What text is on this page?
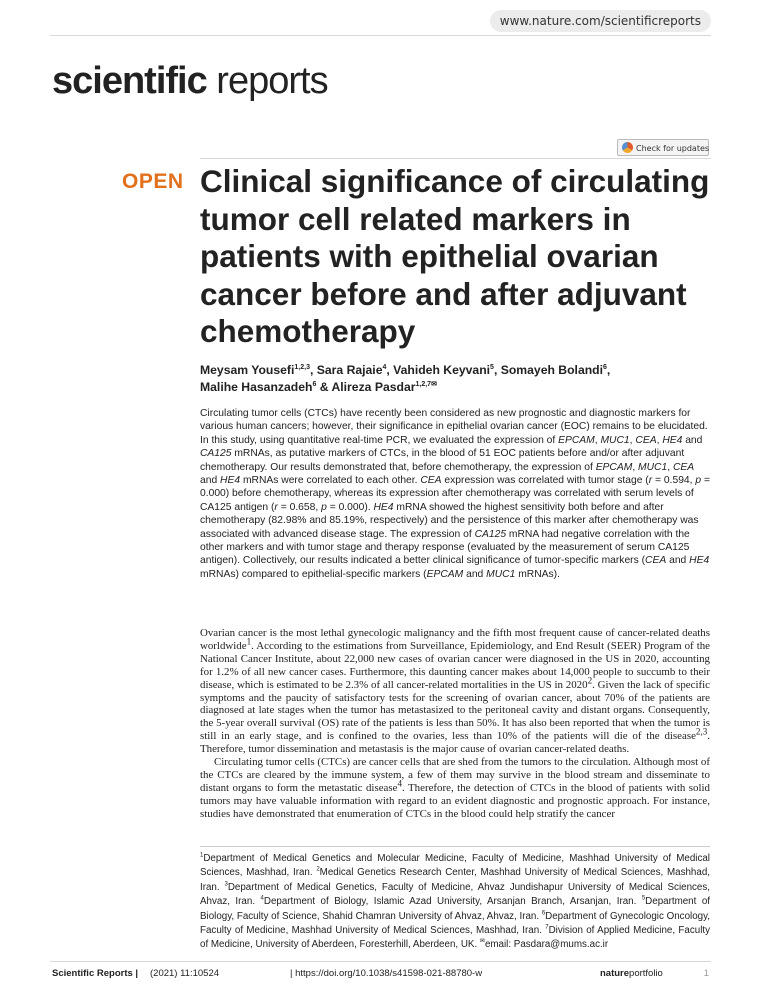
www.nature.com/scientificreports
scientific reports
Check for updates
OPEN Clinical significance of circulating tumor cell related markers in patients with epithelial ovarian cancer before and after adjuvant chemotherapy
Meysam Yousefi$^{1,2,3}$, Sara Rajaie$^4$, Vahideh Keyvani$^5$, Somayeh Bolandi$^6$,
Malihe Hasanzadeh$^6$ & Alireza Pasdar$^{1,2,7✉}$

Circulating tumor cells (CTCs) have recently been considered as new prognostic and diagnostic markers for various human cancers; however, their significance in epithelial ovarian cancer (EOC) remains to be elucidated. In this study, using quantitative real-time PCR, we evaluated the expression of EPCAM, MUC1, CEA, HE4 and CA125 mRNAs, as putative markers of CTCs, in the blood of 51 EOC patients before and/or after adjuvant chemotherapy. Our results demonstrated that, before chemotherapy, the expression of EPCAM, MUC1, CEA and HE4 mRNAs were correlated to each other. CEA expression was correlated with tumor stage (r = 0.594, p = 0.000) before chemotherapy, whereas its expression after chemotherapy was correlated with serum levels of CA125 antigen (r = 0.658, p = 0.000). HE4 mRNA showed the highest sensitivity both before and after chemotherapy (82.98% and 85.19%, respectively) and the persistence of this marker after chemotherapy was associated with advanced disease stage. The expression of CA125 mRNA had negative correlation with the other markers and with tumor stage and therapy response (evaluated by the measurement of serum CA125 antigen). Collectively, our results indicated a better clinical significance of tumor-specific markers (CEA and HE4 mRNAs) compared to epithelial-specific markers (EPCAM and MUC1 mRNAs).

Ovarian cancer is the most lethal gynecologic malignancy and the fifth most frequent cause of cancer-related deaths worldwide$^1$. According to the estimations from Surveillance, Epidemiology, and End Result (SEER) Program of the National Cancer Institute, about 22,000 new cases of ovarian cancer were diagnosed in the US in 2020, accounting for 1.2% of all new cancer cases. Furthermore, this daunting cancer makes about 14,000 people to succumb to their disease, which is estimated to be 2.3% of all cancer-related mortalities in the US in 2020$^2$. Given the lack of specific symptoms and the paucity of satisfactory tests for the screening of ovarian cancer, about 70% of the patients are diagnosed at late stages when the tumor has metastasized to the peritoneal cavity and distant organs. Consequently, the 5-year overall survival (OS) rate of the patients is less than 50%. It has also been reported that when the tumor is still in an early stage, and is confined to the ovaries, less than 10% of the patients will die of the disease$^{2,3}$. Therefore, tumor dissemination and metastasis is the major cause of ovarian cancer-related deaths.

Circulating tumor cells (CTCs) are cancer cells that are shed from the tumors to the circulation. Although most of the CTCs are cleared by the immune system, a few of them may survive in the blood stream and disseminate to distant organs to form the metastatic disease$^4$. Therefore, the detection of CTCs in the blood of patients with solid tumors may have valuable information with regard to an evident diagnostic and prognostic approach. For instance, studies have demonstrated that enumeration of CTCs in the blood could help stratify the cancer

$^1$Department of Medical Genetics and Molecular Medicine, Faculty of Medicine, Mashhad University of Medical Sciences, Mashhad, Iran. $^2$Medical Genetics Research Center, Mashhad University of Medical Sciences, Mashhad, Iran. $^3$Department of Medical Genetics, Faculty of Medicine, Ahvaz Jundishapur University of Medical Sciences, Ahvaz, Iran. $^4$Department of Biology, Islamic Azad University, Arsanjan Branch, Arsanjan, Iran. $^5$Department of Biology, Faculty of Science, Shahid Chamran University of Ahvaz, Ahvaz, Iran. $^6$Department of Gynecologic Oncology, Faculty of Medicine, Mashhad University of Medical Sciences, Mashhad, Iran. $^7$Division of Applied Medicine, Faculty of Medicine, University of Aberdeen, Foresterhill, Aberdeen, UK. ✉email: Pasdara@mums.ac.ir

Scientific Reports | (2021) 11:10524	| https://doi.org/10.1038/s41598-021-88780-w	natureportfolio	1
